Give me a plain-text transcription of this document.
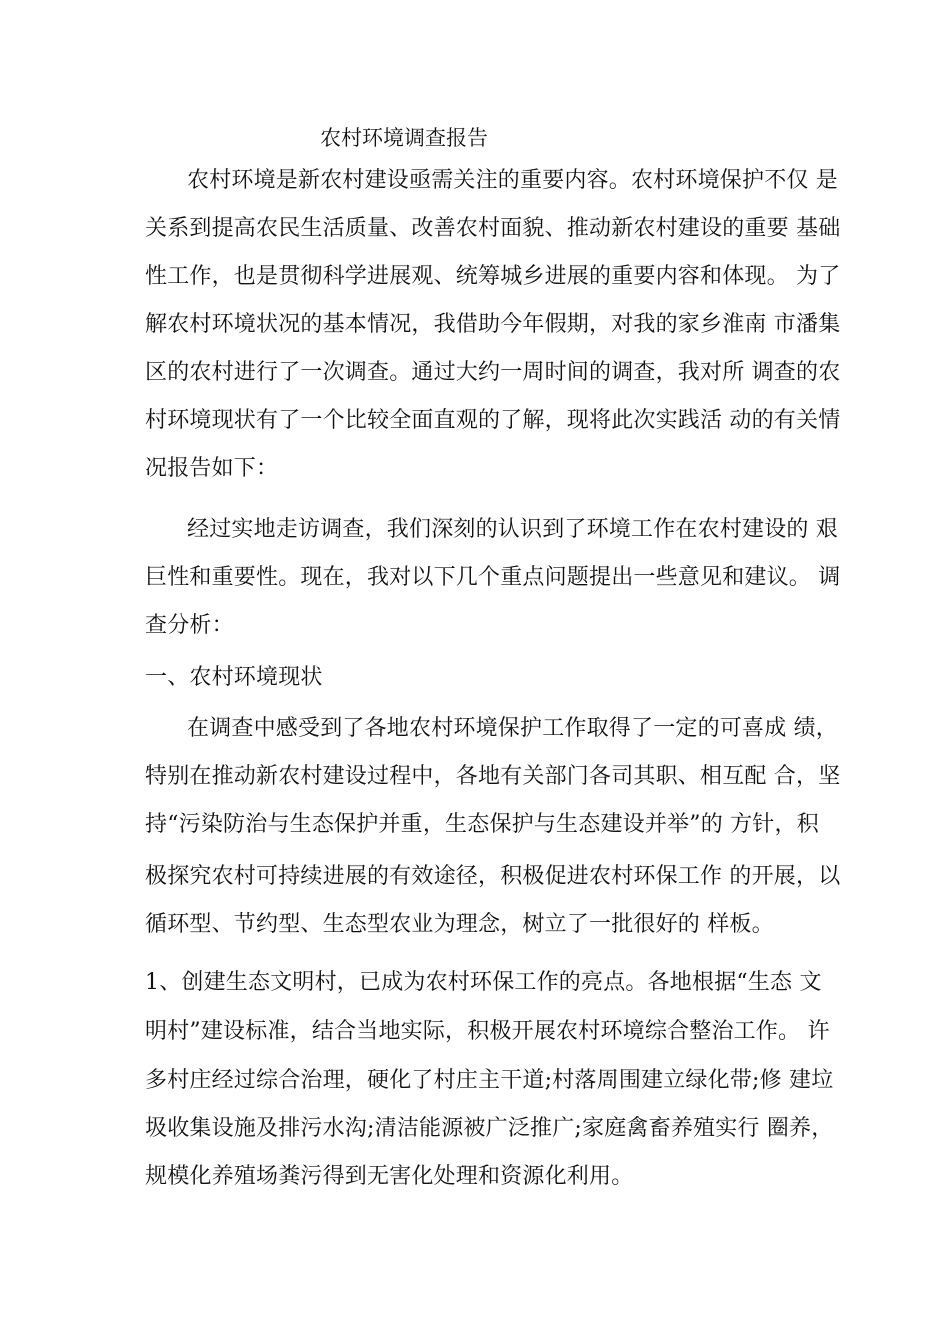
农村环境调查报告
农村环境是新农村建设亟需关注的重要内容。农村环境保护不仅 是
关系到提高农民生活质量、改善农村面貌、推动新农村建设的重要 基础
性工作，也是贯彻科学进展观、统筹城乡进展的重要内容和体现。 为了
解农村环境状况的基本情况，我借助今年假期，对我的家乡淮南 市潘集
区的农村进行了一次调查。通过大约一周时间的调查，我对所 调查的农
村环境现状有了一个比较全面直观的了解，现将此次实践活 动的有关情
况报告如下：
经过实地走访调查，我们深刻的认识到了环境工作在农村建设的 艰
巨性和重要性。现在，我对以下几个重点问题提出一些意见和建议。 调
查分析：
一、农村环境现状
在调查中感受到了各地农村环境保护工作取得了一定的可喜成 绩，
特别在推动新农村建设过程中，各地有关部门各司其职、相互配 合，坚
持“污染防治与生态保护并重，生态保护与生态建设并举”的 方针，积
极探究农村可持续进展的有效途径，积极促进农村环保工作 的开展，以
循环型、节约型、生态型农业为理念，树立了一批很好的 样板。
1、创建生态文明村，已成为农村环保工作的亮点。各地根据“生态 文
明村”建设标准，结合当地实际，积极开展农村环境综合整治工作。 许
多村庄经过综合治理，硬化了村庄主干道;村落周围建立绿化带;修 建垃
圾收集设施及排污水沟;清洁能源被广泛推广;家庭禽畜养殖实行 圈养，
规模化养殖场粪污得到无害化处理和资源化利用。
